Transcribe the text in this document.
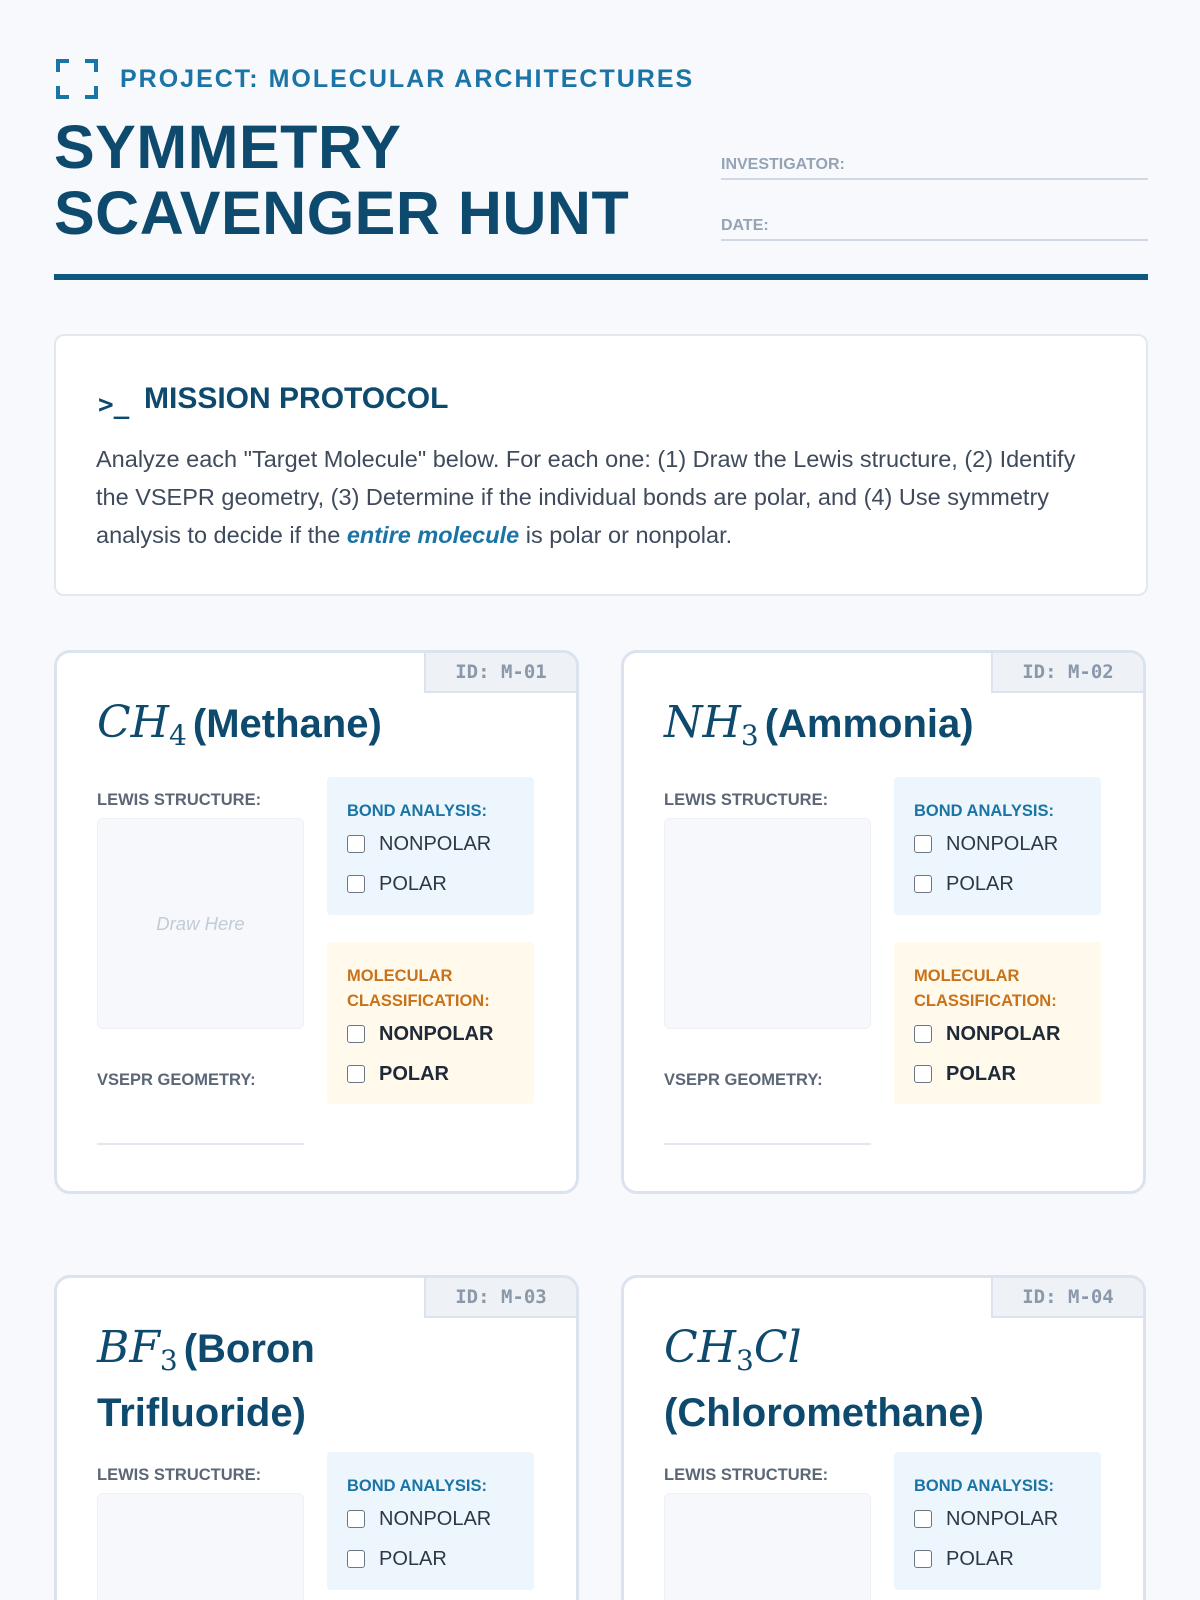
PROJECT: MOLECULAR ARCHITECTURES
SYMMETRY
SCAVENGER HUNT
INVESTIGATOR:
DATE:
>_ MISSION PROTOCOL

Analyze each "Target Molecule" below. For each one: (1) Draw the Lewis structure, (2) Identify the VSEPR geometry, (3) Determine if the individual bonds are polar, and (4) Use symmetry analysis to decide if the entire molecule is polar or nonpolar.

ID: M-01
$CH_4$ (Methane)
LEWIS STRUCTURE:
Draw Here
VSEPR GEOMETRY:
BOND ANALYSIS:
NONPOLAR
POLAR
MOLECULAR
CLASSIFICATION:
NONPOLAR
POLAR
ID: M-02
$NH_3$ (Ammonia)
LEWIS STRUCTURE:
VSEPR GEOMETRY:
BOND ANALYSIS:
NONPOLAR
POLAR
MOLECULAR
CLASSIFICATION:
NONPOLAR
POLAR
ID: M-03
$BF_3$ (Boron Trifluoride)
LEWIS STRUCTURE:
BOND ANALYSIS:
NONPOLAR
POLAR
ID: M-04
$CH_3Cl$
(Chloromethane)
LEWIS STRUCTURE:
BOND ANALYSIS:
NONPOLAR
POLAR
